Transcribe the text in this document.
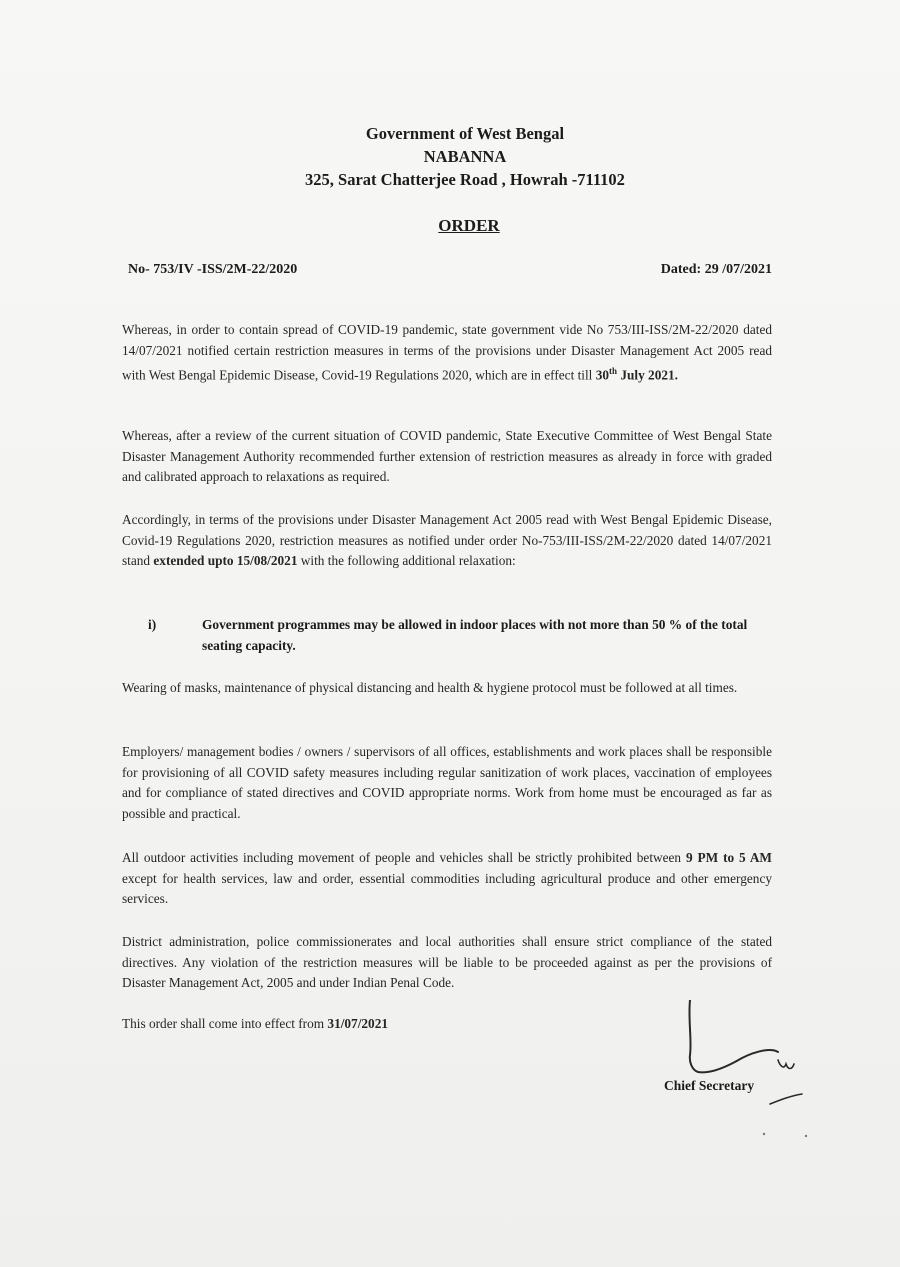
Government of West Bengal
NABANNA
325, Sarat Chatterjee Road , Howrah -711102
ORDER
No- 753/IV -ISS/2M-22/2020	Dated: 29 /07/2021
Whereas, in order to contain spread of COVID-19 pandemic, state government vide No 753/III-ISS/2M-22/2020 dated 14/07/2021 notified certain restriction measures in terms of the provisions under Disaster Management Act 2005 read with West Bengal Epidemic Disease, Covid-19 Regulations 2020, which are in effect till 30th July 2021.
Whereas, after a review of the current situation of COVID pandemic, State Executive Committee of West Bengal State Disaster Management Authority recommended further extension of restriction measures as already in force with graded and calibrated approach to relaxations as required.
Accordingly, in terms of the provisions under Disaster Management Act 2005 read with West Bengal Epidemic Disease, Covid-19 Regulations 2020, restriction measures as notified under order No-753/III-ISS/2M-22/2020 dated 14/07/2021 stand extended upto 15/08/2021 with the following additional relaxation:
i)	Government programmes may be allowed in indoor places with not more than 50 % of the total seating capacity.
Wearing of masks, maintenance of physical distancing and health & hygiene protocol must be followed at all times.
Employers/ management bodies / owners / supervisors of all offices, establishments and work places shall be responsible for provisioning of all COVID safety measures including regular sanitization of work places, vaccination of employees and for compliance of stated directives and COVID appropriate norms. Work from home must be encouraged as far as possible and practical.
All outdoor activities including movement of people and vehicles shall be strictly prohibited between 9 PM to 5 AM except for health services, law and order, essential commodities including agricultural produce and other emergency services.
District administration, police commissionerates and local authorities shall ensure strict compliance of the stated directives. Any violation of the restriction measures will be liable to be proceeded against as per the provisions of Disaster Management Act, 2005 and under Indian Penal Code.
This order shall come into effect from 31/07/2021
Chief Secretary
